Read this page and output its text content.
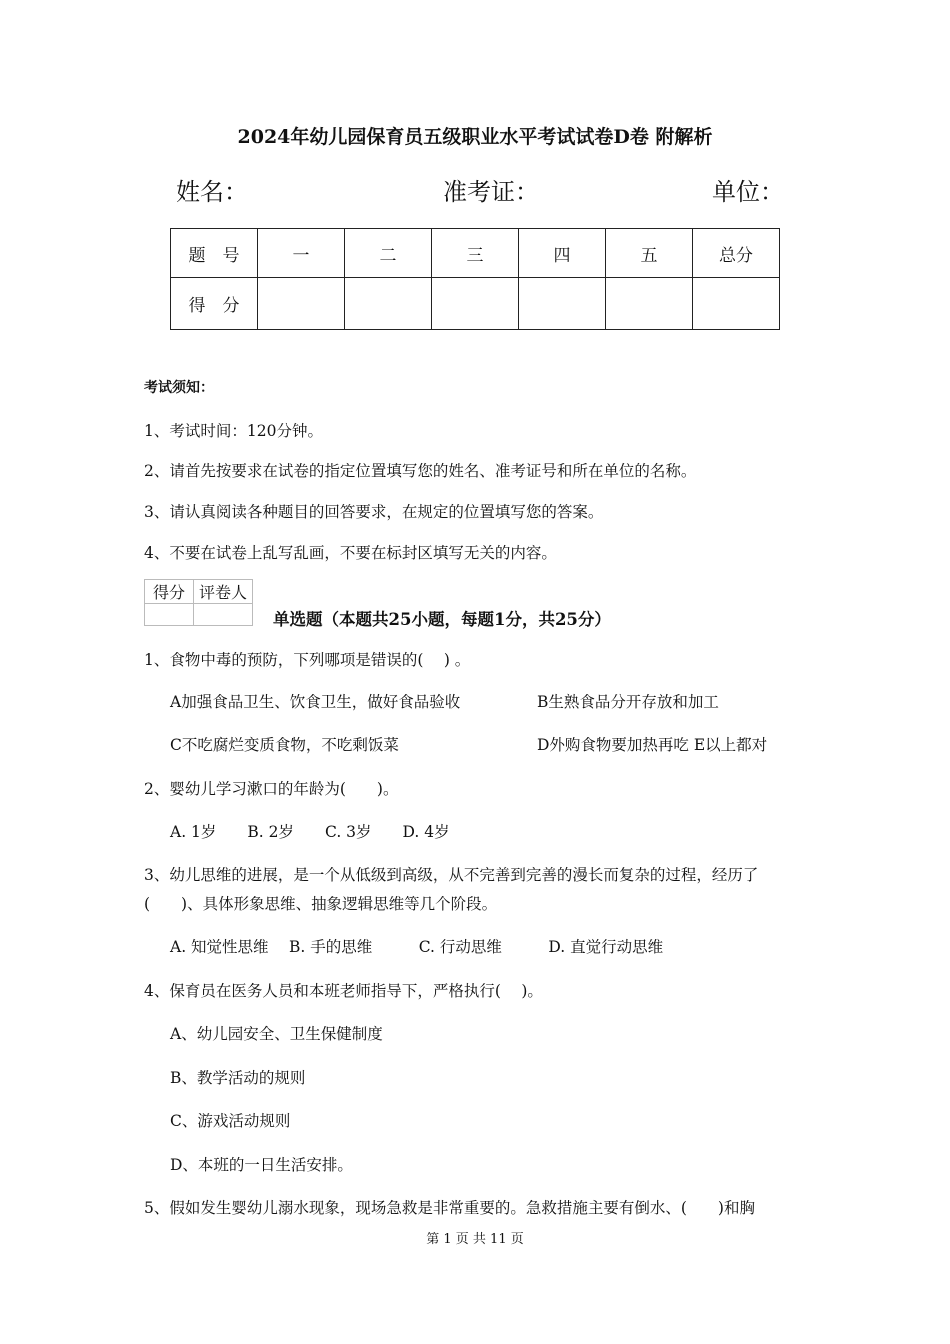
2024年幼儿园保育员五级职业水平考试试卷D卷 附解析
姓名：	准考证：	单位：
题　号	一	二	三	四	五	总分
得　分						
考试须知：
1、考试时间：120分钟。
2、请首先按要求在试卷的指定位置填写您的姓名、准考证号和所在单位的名称。
3、请认真阅读各种题目的回答要求，在规定的位置填写您的答案。
4、不要在试卷上乱写乱画，不要在标封区填写无关的内容。
得分	评卷人

单选题（本题共25小题，每题1分，共25分）
1、食物中毒的预防，下列哪项是错误的(　 ) 。
A加强食品卫生、饮食卫生，做好食品验收	B生熟食品分开存放和加工
C不吃腐烂变质食物，不吃剩饭菜	D外购食物要加热再吃 E以上都对
2、婴幼儿学习漱口的年龄为(　　)。
A. 1岁　　B. 2岁　　C. 3岁　　D. 4岁
3、幼儿思维的进展，是一个从低级到高级，从不完善到完善的漫长而复杂的过程，经历了
(　　)、具体形象思维、抽象逻辑思维等几个阶段。
A. 知觉性思维　 B. 手的思维　　　C. 行动思维　　　D. 直觉行动思维
4、保育员在医务人员和本班老师指导下，严格执行(　 )。
A、幼儿园安全、卫生保健制度
B、教学活动的规则
C、游戏活动规则
D、本班的一日生活安排。
5、假如发生婴幼儿溺水现象，现场急救是非常重要的。急救措施主要有倒水、(　　)和胸
第 1 页 共 11 页
